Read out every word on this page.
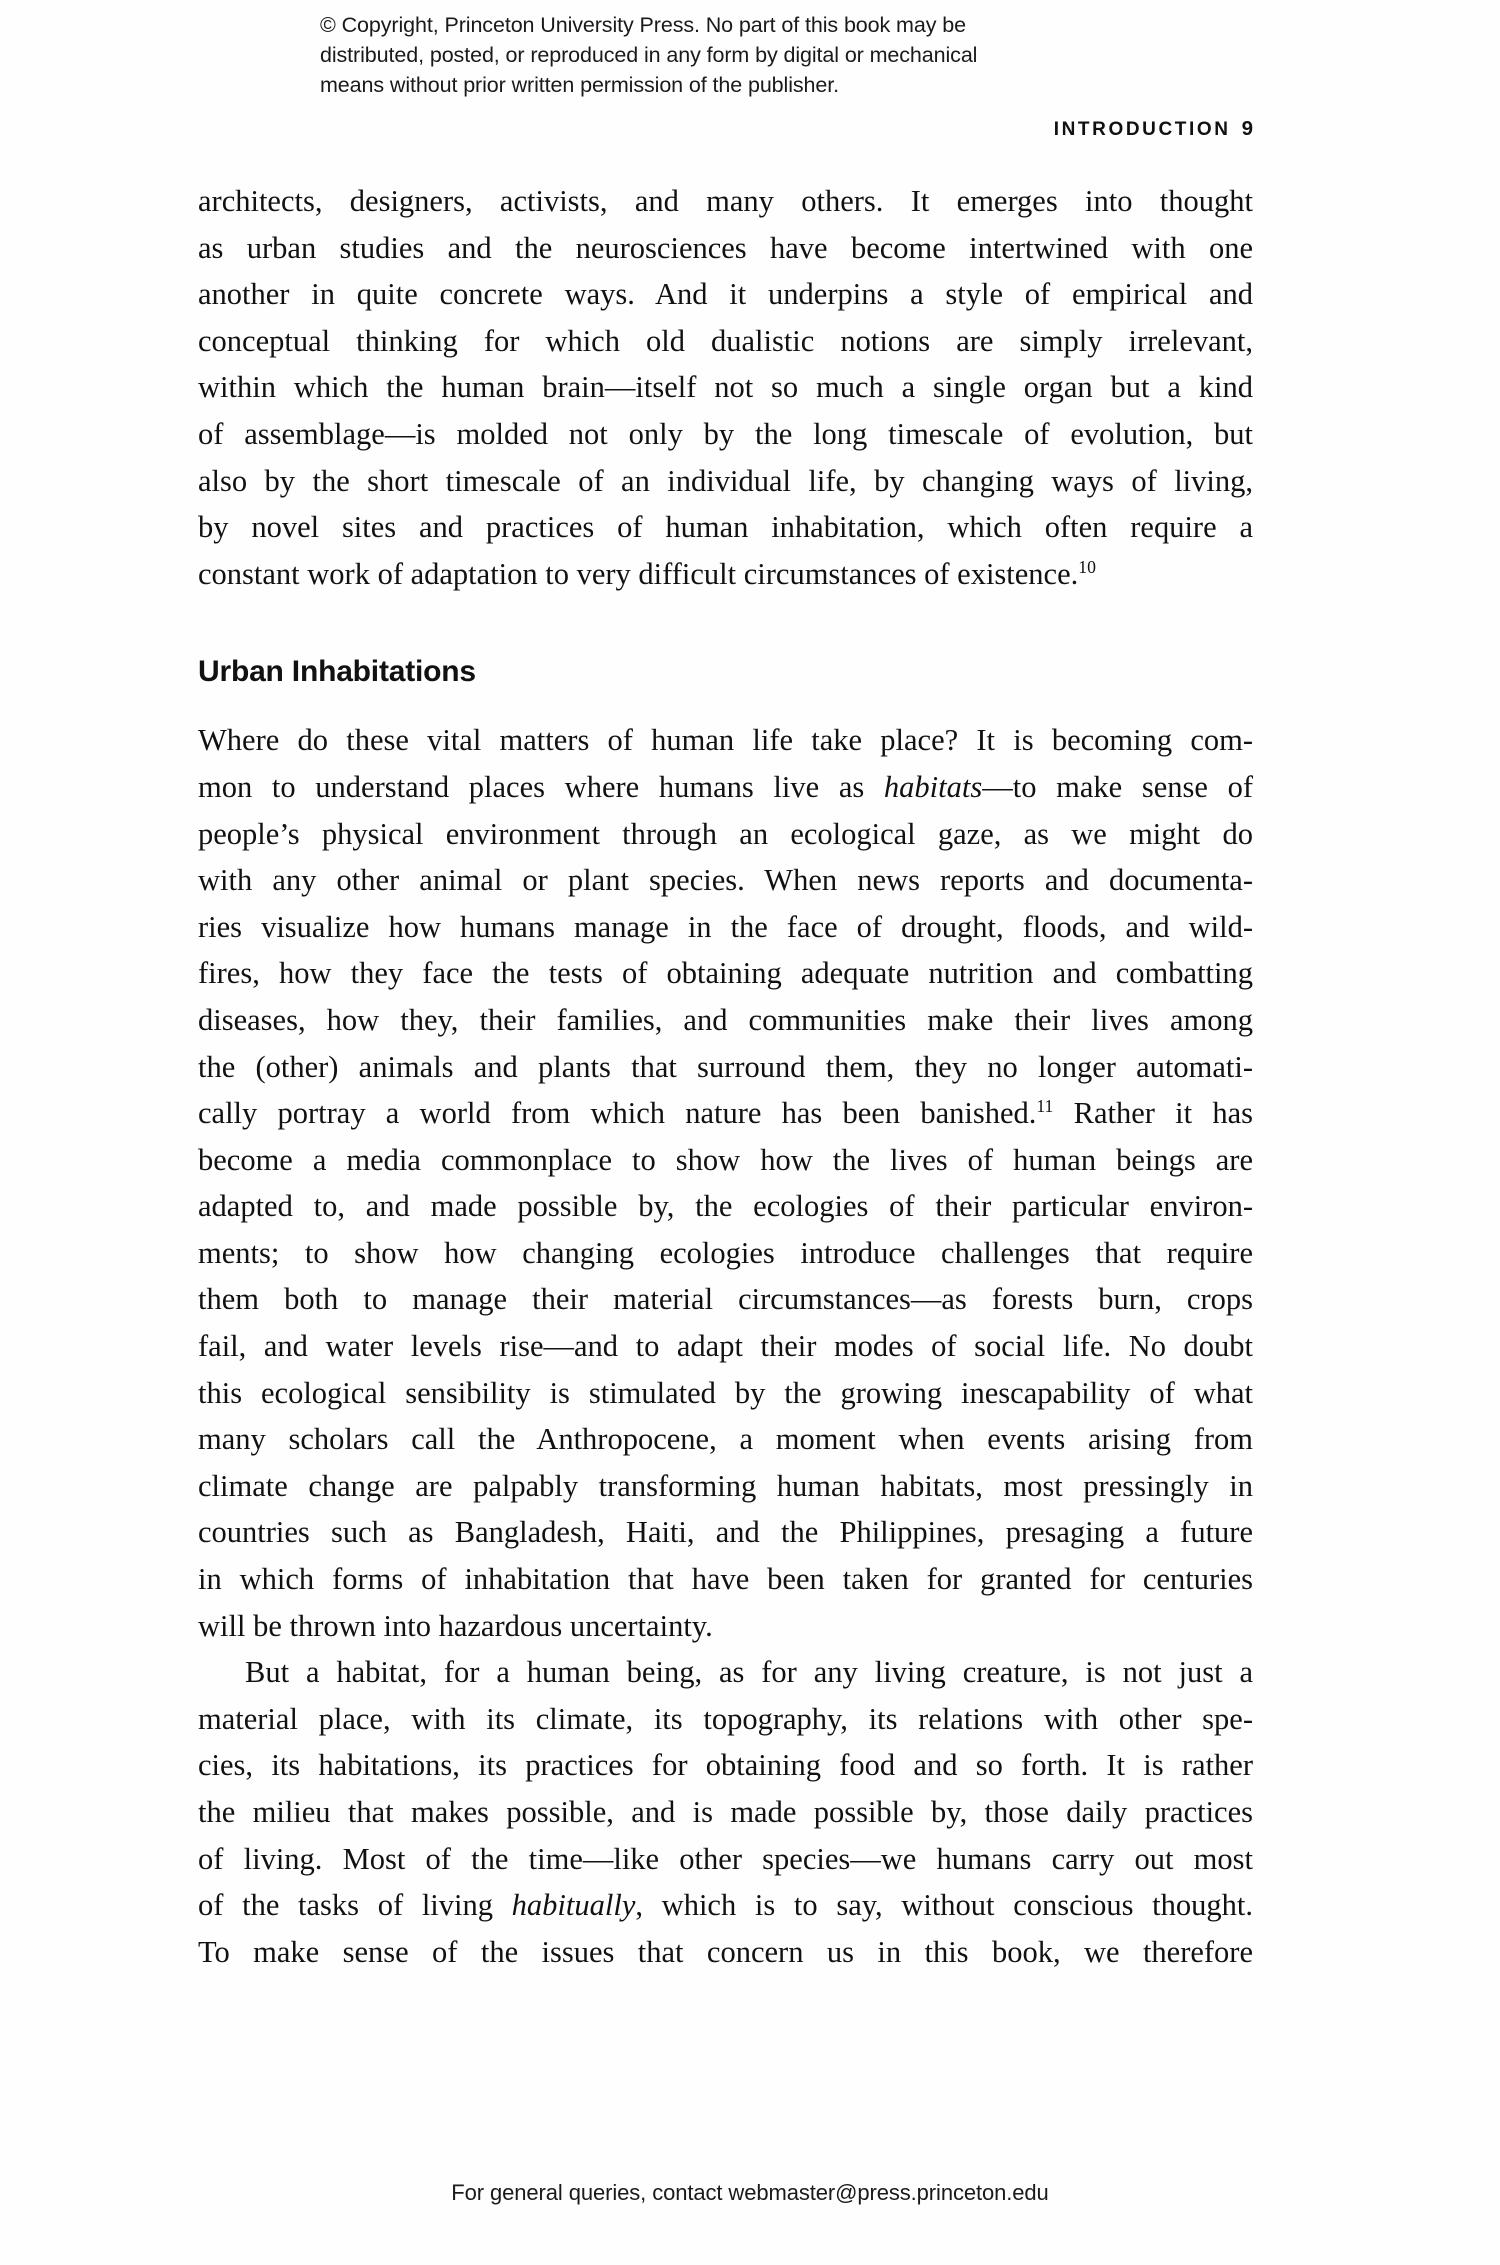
© Copyright, Princeton University Press. No part of this book may be
distributed, posted, or reproduced in any form by digital or mechanical
means without prior written permission of the publisher.
INTRODUCTION 9

architects, designers, activists, and many others. It emerges into thought
as urban studies and the neurosciences have become intertwined with one
another in quite concrete ways. And it underpins a style of empirical and
conceptual thinking for which old dualistic notions are simply irrelevant,
within which the human brain—itself not so much a single organ but a kind
of assemblage—is molded not only by the long timescale of evolution, but
also by the short timescale of an individual life, by changing ways of living,
by novel sites and practices of human inhabitation, which often require a
constant work of adaptation to very difficult circumstances of existence.$^{10}$

Urban Inhabitations

Where do these vital matters of human life take place? It is becoming com-
mon to understand places where humans live as habitats—to make sense of
people’s physical environment through an ecological gaze, as we might do
with any other animal or plant species. When news reports and documenta-
ries visualize how humans manage in the face of drought, floods, and wild-
fires, how they face the tests of obtaining adequate nutrition and combatting
diseases, how they, their families, and communities make their lives among
the (other) animals and plants that surround them, they no longer automati-
cally portray a world from which nature has been banished.$^{11}$ Rather it has
become a media commonplace to show how the lives of human beings are
adapted to, and made possible by, the ecologies of their particular environ-
ments; to show how changing ecologies introduce challenges that require
them both to manage their material circumstances—as forests burn, crops
fail, and water levels rise—and to adapt their modes of social life. No doubt
this ecological sensibility is stimulated by the growing inescapability of what
many scholars call the Anthropocene, a moment when events arising from
climate change are palpably transforming human habitats, most pressingly in
countries such as Bangladesh, Haiti, and the Philippines, presaging a future
in which forms of inhabitation that have been taken for granted for centuries
will be thrown into hazardous uncertainty.

But a habitat, for a human being, as for any living creature, is not just a
material place, with its climate, its topography, its relations with other spe-
cies, its habitations, its practices for obtaining food and so forth. It is rather
the milieu that makes possible, and is made possible by, those daily practices
of living. Most of the time—like other species—we humans carry out most
of the tasks of living habitually, which is to say, without conscious thought.
To make sense of the issues that concern us in this book, we therefore

For general queries, contact webmaster@press.princeton.edu
